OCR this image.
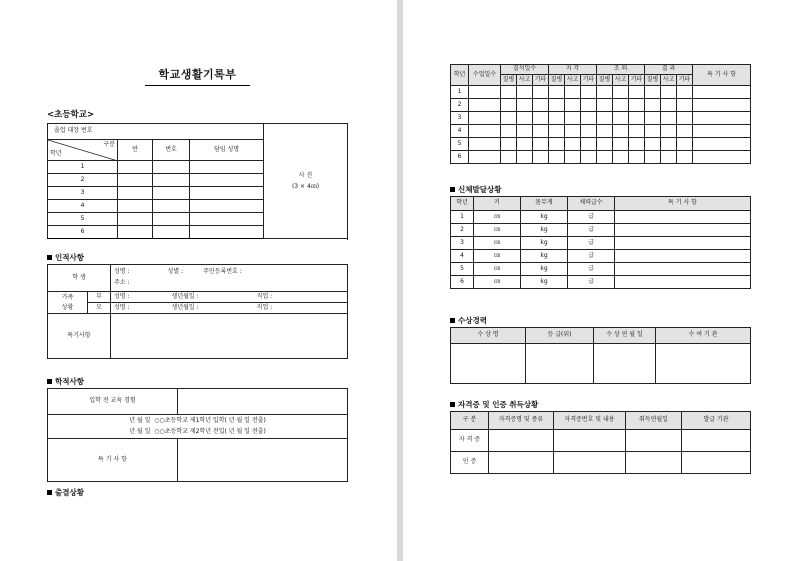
학교생활기록부
<초등학교>
졸업 대장 번호				사 진
(3 × 4㎝)

구분
학년	반	번호	담임 성명	
1				
2				
3				
4				
5				
6				

인적사항
학 생		성명 : 성별 : 주민등록번호 :
주소 :

가족
상황	부	성명 : 생년월일 : 직업 :
	모	성명 : 생년월일 : 직업 :
특기사항		
학적사항
입학 전 교육 경험	

년 월 일 ○○초등학교 제1학년 입학( 년 월 일 전출)
년 월 일 ○○초등학교 제2학년 전입( 년 월 일 전출)	

특 기 사 항	
출결상황
학년	수업일수	결석일수			지 각			조 퇴			결 과			특 기 사 항
		질병	사고	기타	질병	사고	기타	질병	사고	기타	질병	사고	기타	
1														
2														
3														
4														
5														
6														
신체발달상황
학년	키	몸무게	체력급수	특 기 사 항
1	㎝	kg	급	
2	㎝	kg	급	
3	㎝	kg	급	
4	㎝	kg	급	
5	㎝	kg	급	
6	㎝	kg	급	
수상경력
수 상 명	등 급(위)	수 상 연 월 일	수 여 기 관

자격증 및 인증 취득상황
구 분	자격증명 및 종류	자격증번호 및 내용	취득연월일	발급 기관
자 격 증				
인 증				
